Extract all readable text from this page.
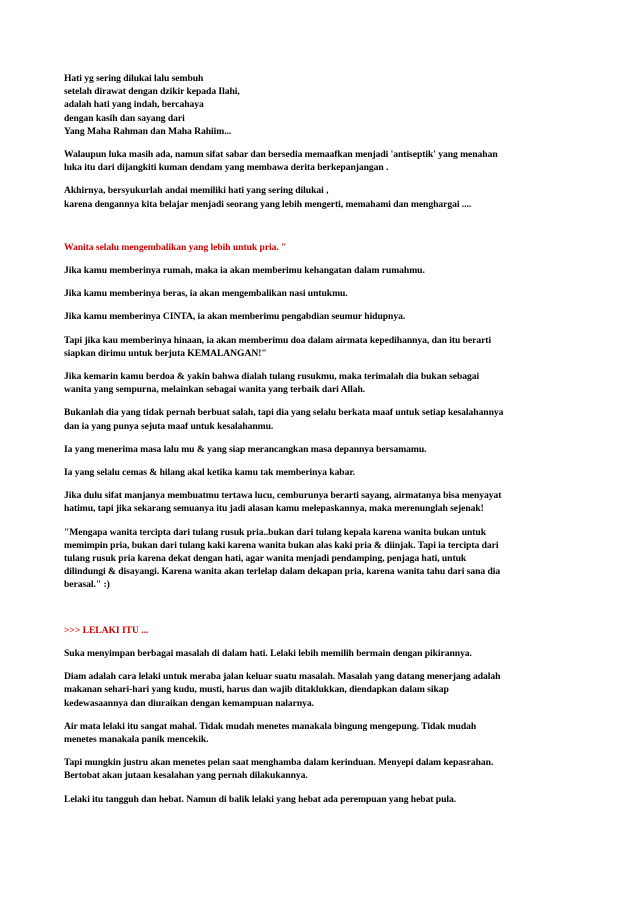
Hati yg sering dilukai lalu sembuh
setelah dirawat dengan dzikir kepada Ilahi,
adalah hati yang indah, bercahaya
dengan kasih dan sayang dari
Yang Maha Rahman dan Maha Rahiim...

Walaupun luka masih ada, namun sifat sabar dan bersedia memaafkan menjadi 'antiseptik' yang menahan
luka itu dari dijangkiti kuman dendam yang membawa derita berkepanjangan .

Akhirnya, bersyukurlah andai memiliki hati yang sering dilukai ,
karena dengannya kita belajar menjadi seorang yang lebih mengerti, memahami dan menghargai ....

Wanita selalu mengembalikan yang lebih untuk pria. "

Jika kamu memberinya rumah, maka ia akan memberimu kehangatan dalam rumahmu.

Jika kamu memberinya beras, ia akan mengembalikan nasi untukmu.

Jika kamu memberinya CINTA, ia akan memberimu pengabdian seumur hidupnya.

Tapi jika kau memberinya hinaan, ia akan memberimu doa dalam airmata kepedihannya, dan itu berarti
siapkan dirimu untuk berjuta KEMALANGAN!"

Jika kemarin kamu berdoa & yakin bahwa dialah tulang rusukmu, maka terimalah dia bukan sebagai
wanita yang sempurna, melainkan sebagai wanita yang terbaik dari Allah.

Bukanlah dia yang tidak pernah berbuat salah, tapi dia yang selalu berkata maaf untuk setiap kesalahannya
dan ia yang punya sejuta maaf untuk kesalahanmu.

Ia yang menerima masa lalu mu & yang siap merancangkan masa depannya bersamamu.

Ia yang selalu cemas & hilang akal ketika kamu tak memberinya kabar.

Jika dulu sifat manjanya membuatmu tertawa lucu, cemburunya berarti sayang, airmatanya bisa menyayat
hatimu, tapi jika sekarang semuanya itu jadi alasan kamu melepaskannya, maka merenunglah sejenak!

"Mengapa wanita tercipta dari tulang rusuk pria..bukan dari tulang kepala karena wanita bukan untuk
memimpin pria, bukan dari tulang kaki karena wanita bukan alas kaki pria & diinjak. Tapi ia tercipta dari
tulang rusuk pria karena dekat dengan hati, agar wanita menjadi pendamping, penjaga hati, untuk
dilindungi & disayangi. Karena wanita akan terlelap dalam dekapan pria, karena wanita tahu dari sana dia
berasal." :)

>>> LELAKI ITU ...

Suka menyimpan berbagai masalah di dalam hati. Lelaki lebih memilih bermain dengan pikirannya.

Diam adalah cara lelaki untuk meraba jalan keluar suatu masalah. Masalah yang datang menerjang adalah
makanan sehari-hari yang kudu, musti, harus dan wajib ditaklukkan, diendapkan dalam sikap
kedewasaannya dan diuraikan dengan kemampuan nalarnya.

Air mata lelaki itu sangat mahal. Tidak mudah menetes manakala bingung mengepung. Tidak mudah
menetes manakala panik mencekik.

Tapi mungkin justru akan menetes pelan saat menghamba dalam kerinduan. Menyepi dalam kepasrahan.
Bertobat akan jutaan kesalahan yang pernah dilakukannya.

Lelaki itu tangguh dan hebat. Namun di balik lelaki yang hebat ada perempuan yang hebat pula.
